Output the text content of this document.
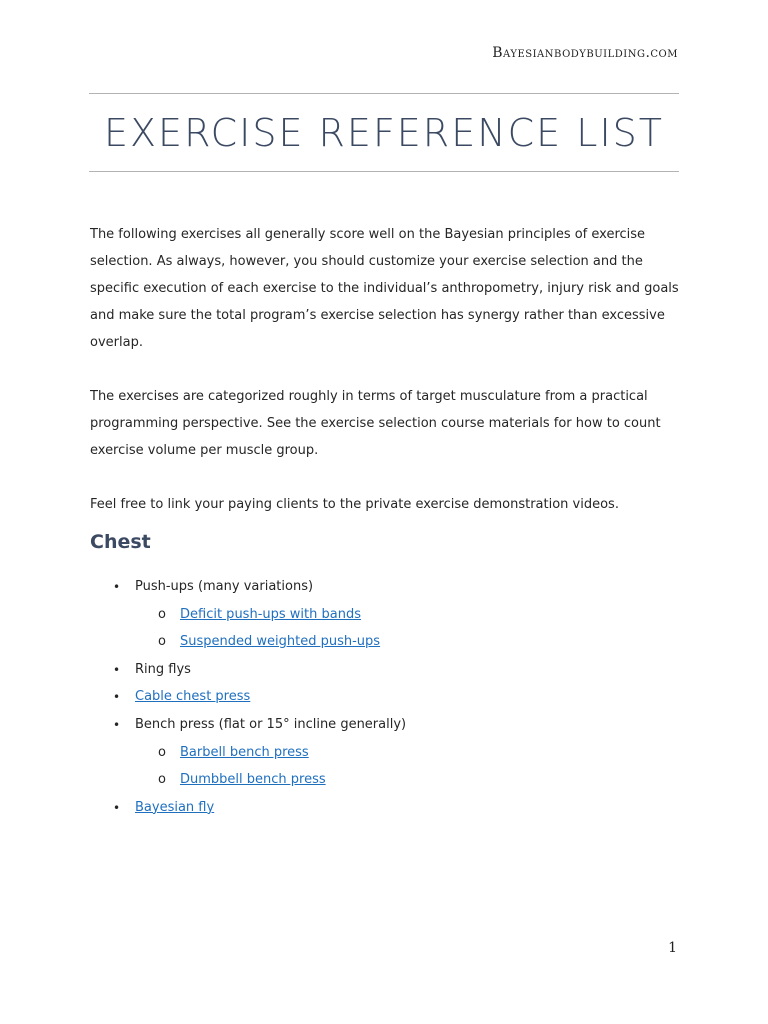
Bayesianbodybuilding.com
EXERCISE REFERENCE LIST

The following exercises all generally score well on the Bayesian principles of exercise selection. As always, however, you should customize your exercise selection and the specific execution of each exercise to the individual’s anthropometry, injury risk and goals and make sure the total program’s exercise selection has synergy rather than excessive overlap.

The exercises are categorized roughly in terms of target musculature from a practical programming perspective. See the exercise selection course materials for how to count exercise volume per muscle group.

Feel free to link your paying clients to the private exercise demonstration videos.

Chest
• Push-ups (many variations)
o Deficit push-ups with bands
o Suspended weighted push-ups
• Ring flys
• Cable chest press
• Bench press (flat or 15° incline generally)
o Barbell bench press
o Dumbbell bench press
• Bayesian fly
1
